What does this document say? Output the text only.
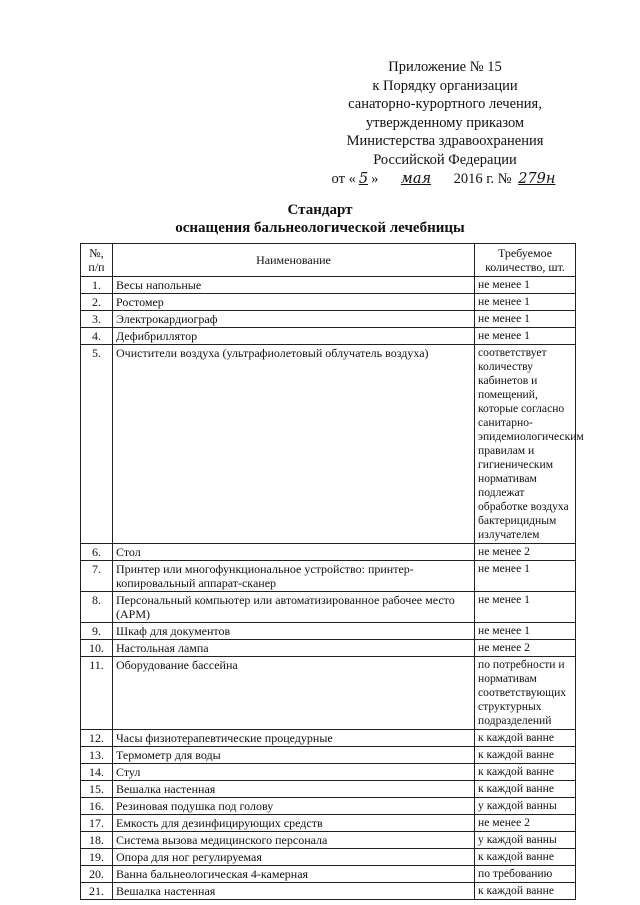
Приложение № 15
к Порядку организации
санаторно-курортного лечения,
утвержденному приказом
Министерства здравоохранения
Российской Федерации
от « 5 » мая 2016 г. № 279н
Стандарт
оснащения бальнеологической лечебницы
№, п/п	Наименование	Требуемое количество, шт.
1.	Весы напольные	не менее 1
2.	Ростомер	не менее 1
3.	Электрокардиограф	не менее 1
4.	Дефибриллятор	не менее 1
5.	Очистители воздуха (ультрафиолетовый облучатель воздуха)	соответствует количеству кабинетов и помещений, которые согласно санитарно-эпидемиологическим правилам и гигиеническим нормативам подлежат обработке воздуха бактерицидным излучателем
6.	Стол	не менее 2
7.	Принтер или многофункциональное устройство: принтер-копировальный аппарат-сканер	не менее 1
8.	Персональный компьютер или автоматизированное рабочее место (АРМ)	не менее 1
9.	Шкаф для документов	не менее 1
10.	Настольная лампа	не менее 2
11.	Оборудование бассейна	по потребности и нормативам соответствующих структурных подразделений
12.	Часы физиотерапевтические процедурные	к каждой ванне
13.	Термометр для воды	к каждой ванне
14.	Стул	к каждой ванне
15.	Вешалка настенная	к каждой ванне
16.	Резиновая подушка под голову	у каждой ванны
17.	Емкость для дезинфицирующих средств	не менее 2
18.	Система вызова медицинского персонала	у каждой ванны
19.	Опора для ног регулируемая	к каждой ванне
20.	Ванна бальнеологическая 4-камерная	по требованию
21.	Вешалка настенная	к каждой ванне
